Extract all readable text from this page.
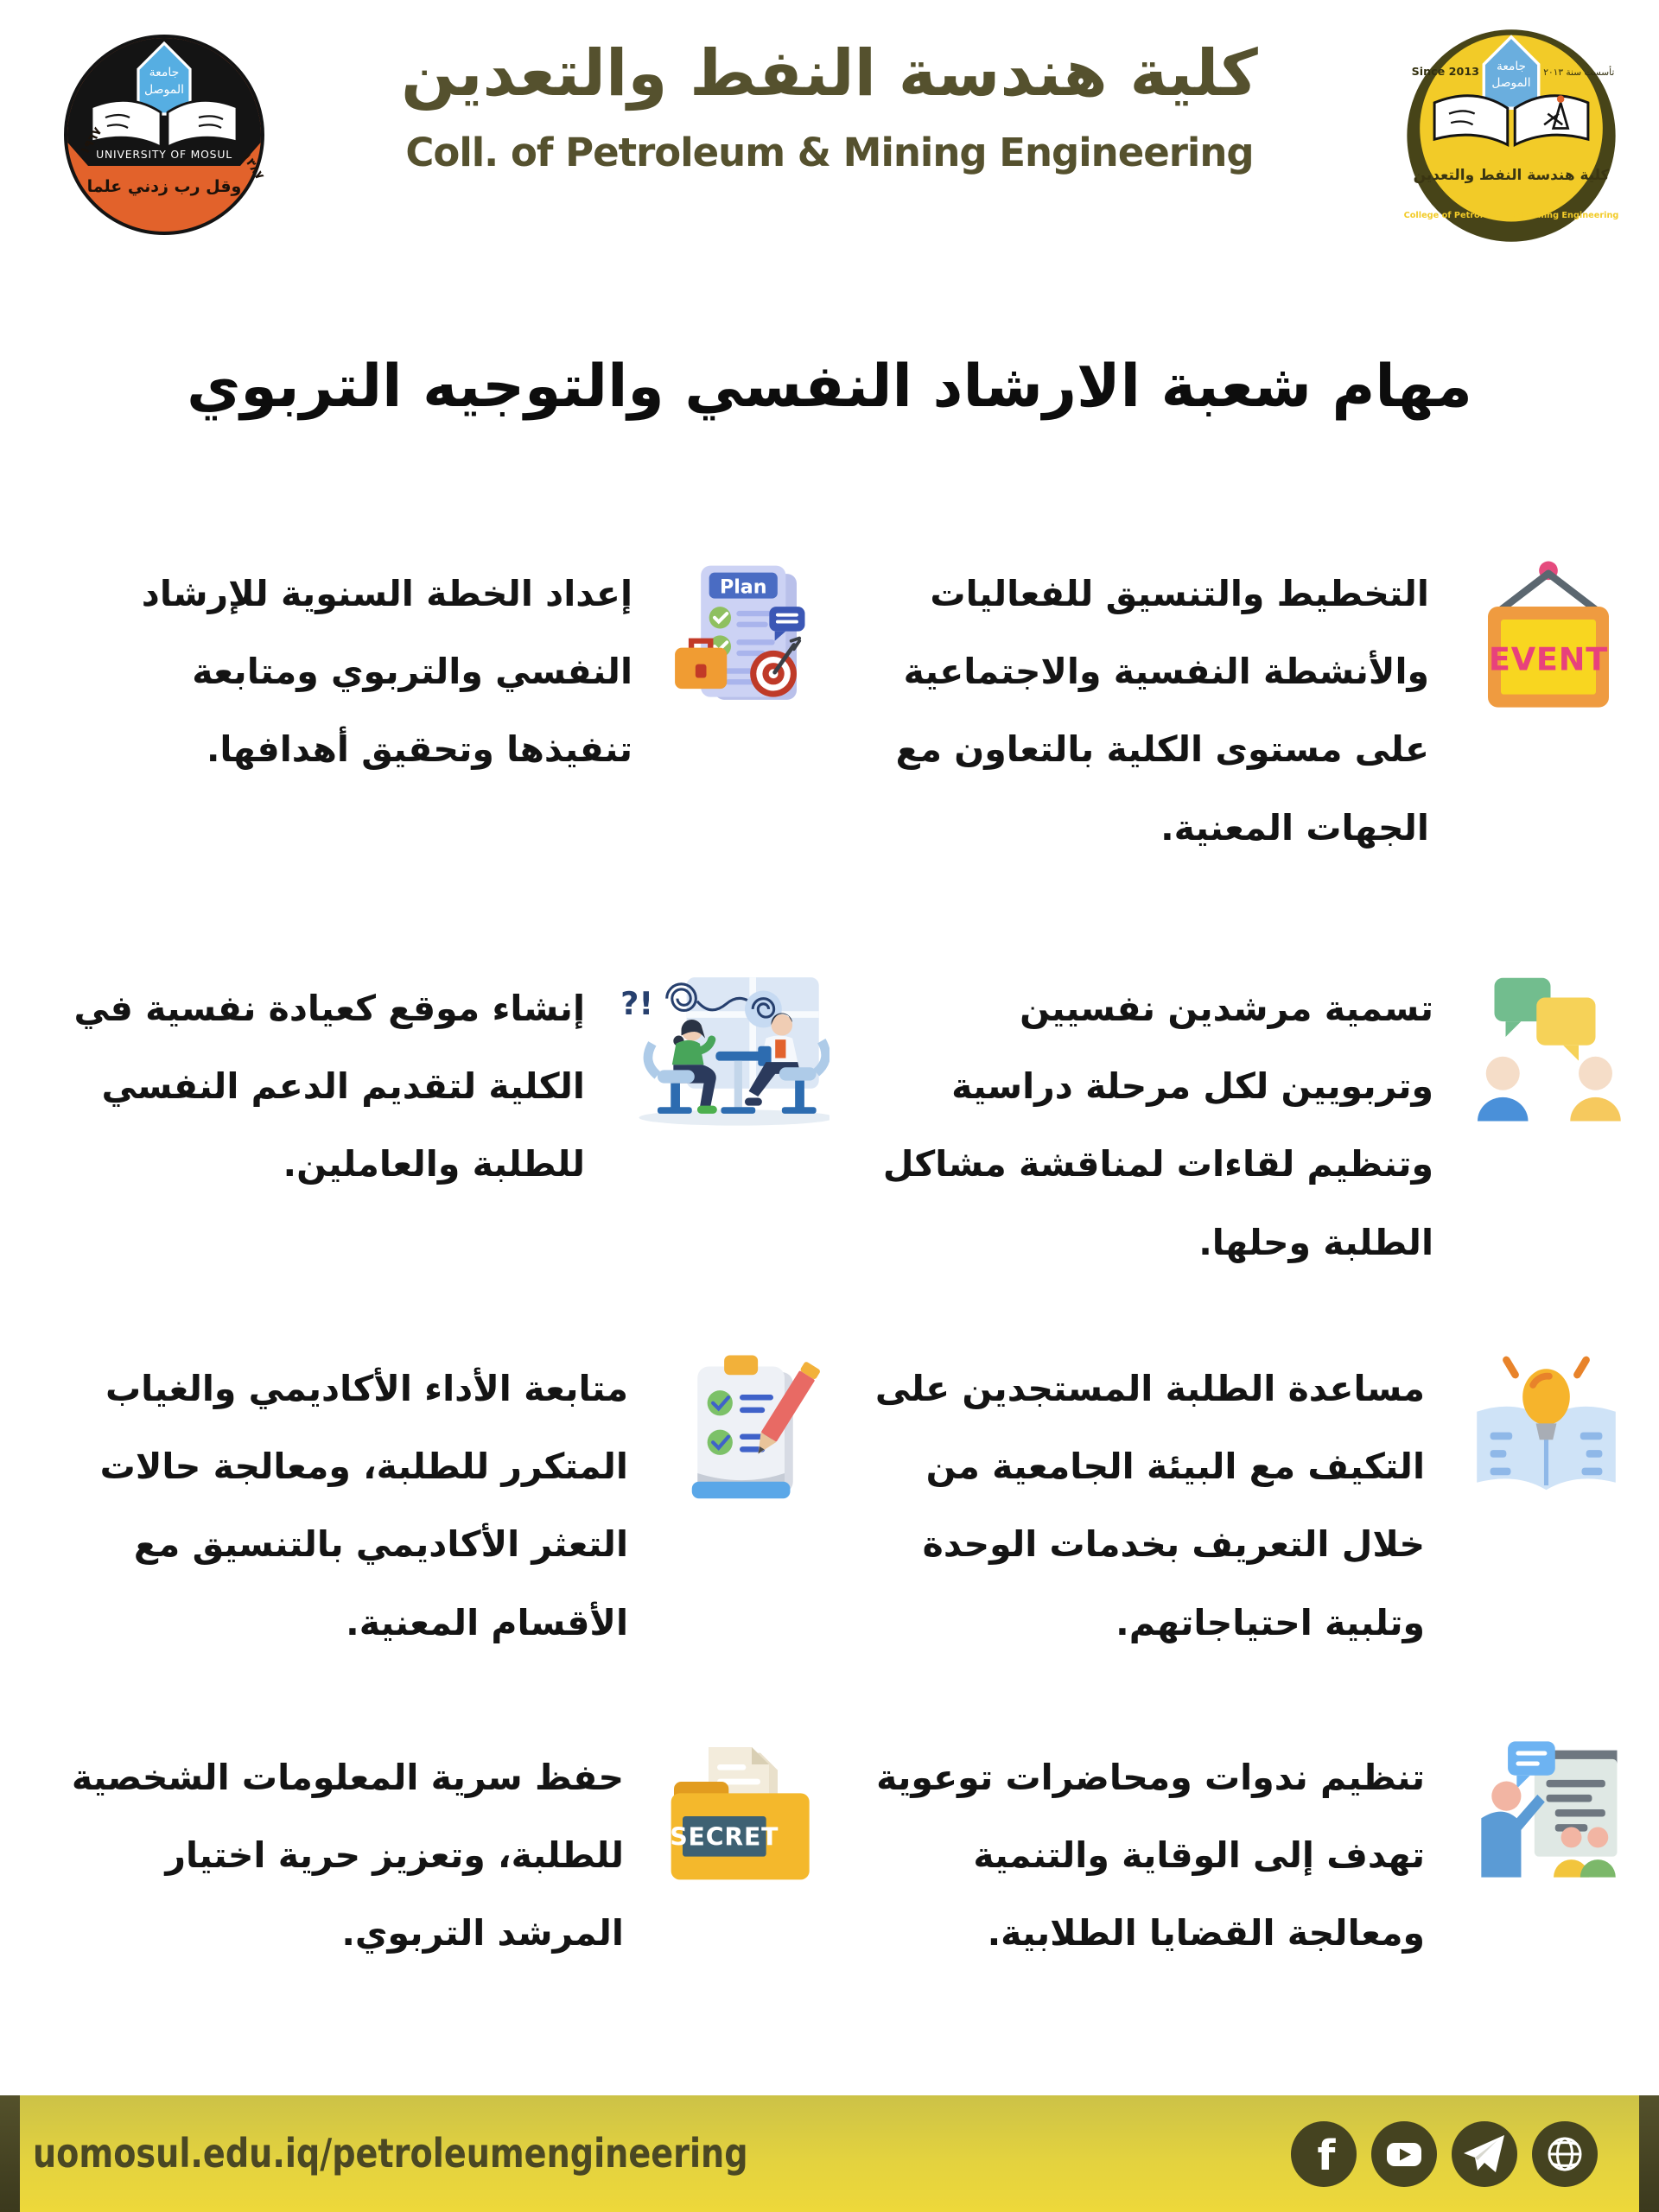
جامعة
الموصل
UNIVERSITY OF MOSUL
وقل رب زدني علما
١٩٦٧
١٣٨٧
كلية هندسة النفط والتعدين
Coll. of Petroleum & Mining Engineering
جامعة
الموصل
Since 2013	تأسست سنة ٢٠١٣
كلية هندسة النفط والتعدين
College of Petroleum and Mining Engineering
مهام شعبة الارشاد النفسي والتوجيه التربوي
إعداد الخطة السنوية للإرشاد النفسي والتربوي ومتابعة تنفيذها وتحقيق أهدافها.
Plan	التخطيط والتنسيق للفعاليات والأنشطة النفسية والاجتماعية على مستوى الكلية بالتعاون مع الجهات المعنية.
EVENT
إنشاء موقع كعيادة نفسية في الكلية لتقديم الدعم النفسي للطلبة والعاملين.
?!	تسمية مرشدين نفسيين وتربويين لكل مرحلة دراسية وتنظيم لقاءات لمناقشة مشاكل الطلبة وحلها.
متابعة الأداء الأكاديمي والغياب المتكرر للطلبة، ومعالجة حالات التعثر الأكاديمي بالتنسيق مع الأقسام المعنية.
مساعدة الطلبة المستجدين على التكيف مع البيئة الجامعية من خلال التعريف بخدمات الوحدة وتلبية احتياجاتهم.
حفظ سرية المعلومات الشخصية للطلبة، وتعزيز حرية اختيار المرشد التربوي.
SECRET
تنظيم ندوات ومحاضرات توعوية تهدف إلى الوقاية والتنمية ومعالجة القضايا الطلابية.
uomosul.edu.iq/petroleumengineering	f
